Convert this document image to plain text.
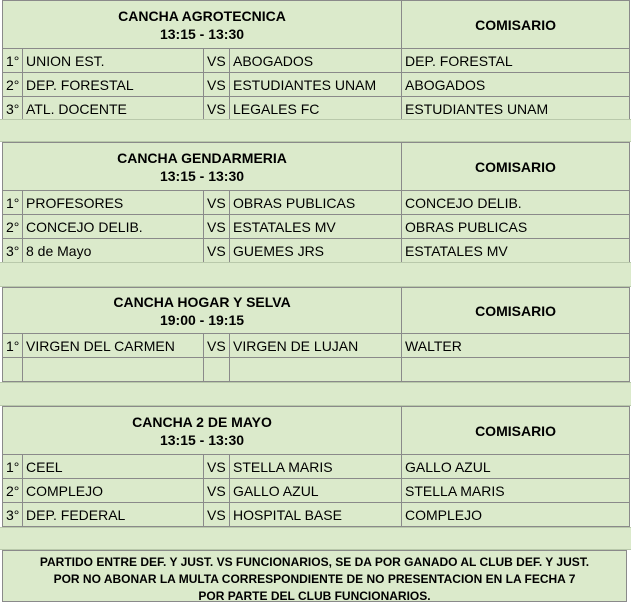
CANCHA AGROTECNICA
13:15 - 13:30				COMISARIO
1°	UNION EST.	VS	ABOGADOS	DEP. FORESTAL
2°	DEP. FORESTAL	VS	ESTUDIANTES UNAM	ABOGADOS
3°	ATL. DOCENTE	VS	LEGALES FC	ESTUDIANTES UNAM
CANCHA GENDARMERIA
13:15 - 13:30				COMISARIO
1°	PROFESORES	VS	OBRAS PUBLICAS	CONCEJO DELIB.
2°	CONCEJO DELIB.	VS	ESTATALES MV	OBRAS PUBLICAS
3°	8 de Mayo	VS	GUEMES JRS	ESTATALES MV
CANCHA HOGAR Y SELVA
19:00 - 19:15				COMISARIO
1°	VIRGEN DEL CARMEN	VS	VIRGEN DE LUJAN	WALTER

CANCHA 2 DE MAYO
13:15 - 13:30				COMISARIO
1°	CEEL	VS	STELLA MARIS	GALLO AZUL
2°	COMPLEJO	VS	GALLO AZUL	STELLA MARIS
3°	DEP. FEDERAL	VS	HOSPITAL BASE	COMPLEJO
PARTIDO ENTRE DEF. Y JUST. VS FUNCIONARIOS, SE DA POR GANADO AL CLUB DEF. Y JUST.
POR NO ABONAR LA MULTA CORRESPONDIENTE DE NO PRESENTACION EN LA FECHA 7
POR PARTE DEL CLUB FUNCIONARIOS.
